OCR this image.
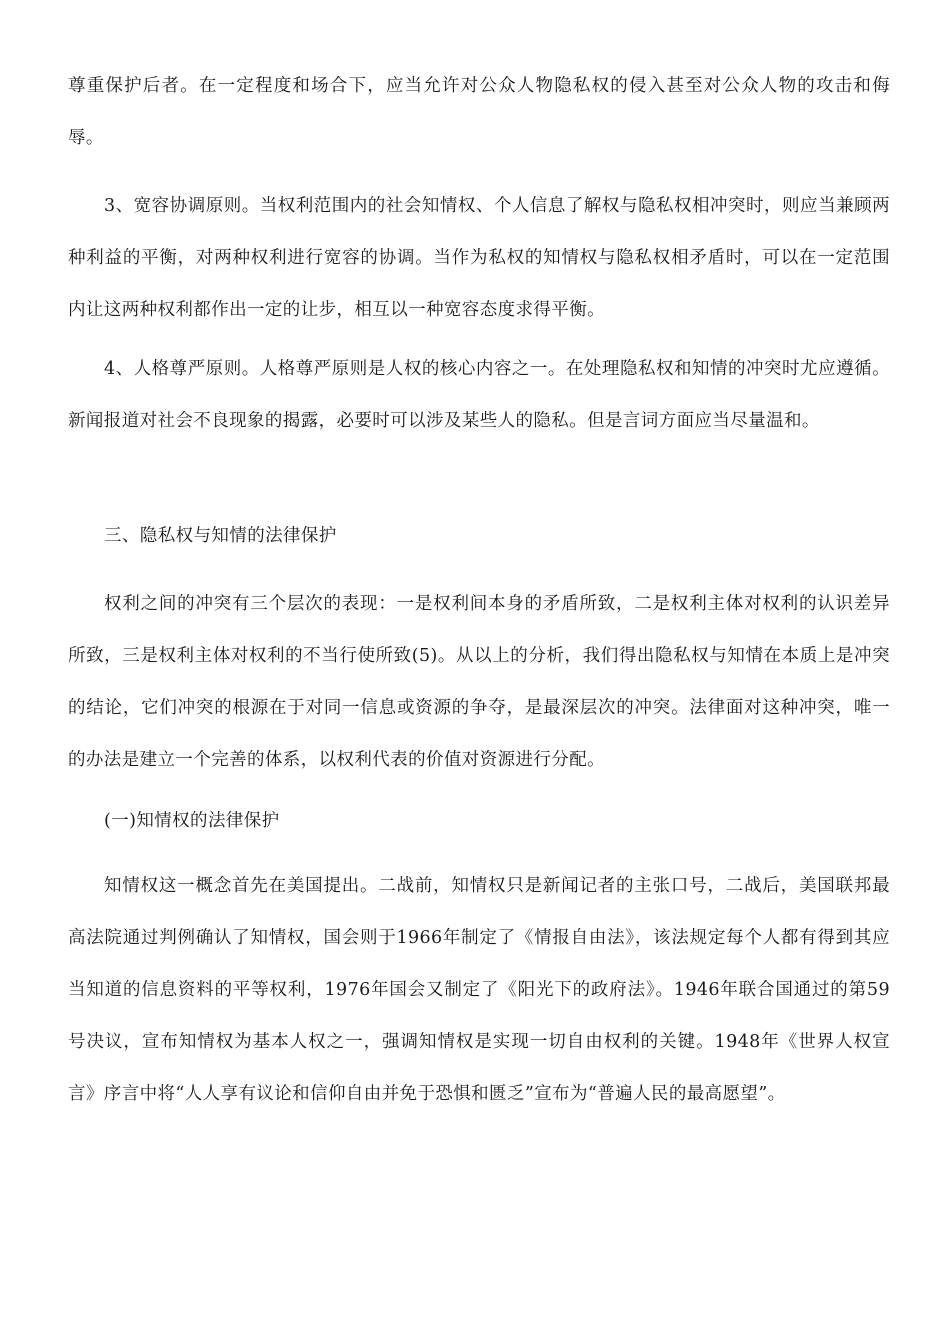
尊重保护后者。在一定程度和场合下，应当允许对公众人物隐私权的侵入甚至对公众人物的攻击和侮辱。

3、宽容协调原则。当权利范围内的社会知情权、个人信息了解权与隐私权相冲突时，则应当兼顾两种利益的平衡，对两种权利进行宽容的协调。当作为私权的知情权与隐私权相矛盾时，可以在一定范围内让这两种权利都作出一定的让步，相互以一种宽容态度求得平衡。

4、人格尊严原则。人格尊严原则是人权的核心内容之一。在处理隐私权和知情的冲突时尤应遵循。新闻报道对社会不良现象的揭露，必要时可以涉及某些人的隐私。但是言词方面应当尽量温和。

三、隐私权与知情的法律保护

权利之间的冲突有三个层次的表现：一是权利间本身的矛盾所致，二是权利主体对权利的认识差异所致，三是权利主体对权利的不当行使所致(5)。从以上的分析，我们得出隐私权与知情在本质上是冲突的结论，它们冲突的根源在于对同一信息或资源的争夺，是最深层次的冲突。法律面对这种冲突，唯一的办法是建立一个完善的体系，以权利代表的价值对资源进行分配。

(一)知情权的法律保护

知情权这一概念首先在美国提出。二战前，知情权只是新闻记者的主张口号，二战后，美国联邦最高法院通过判例确认了知情权，国会则于1966年制定了《情报自由法》，该法规定每个人都有得到其应当知道的信息资料的平等权利，1976年国会又制定了《阳光下的政府法》。1946年联合国通过的第59号决议，宣布知情权为基本人权之一，强调知情权是实现一切自由权利的关键。1948年《世界人权宣言》序言中将“人人享有议论和信仰自由并免于恐惧和匮乏”宣布为“普遍人民的最高愿望”。
